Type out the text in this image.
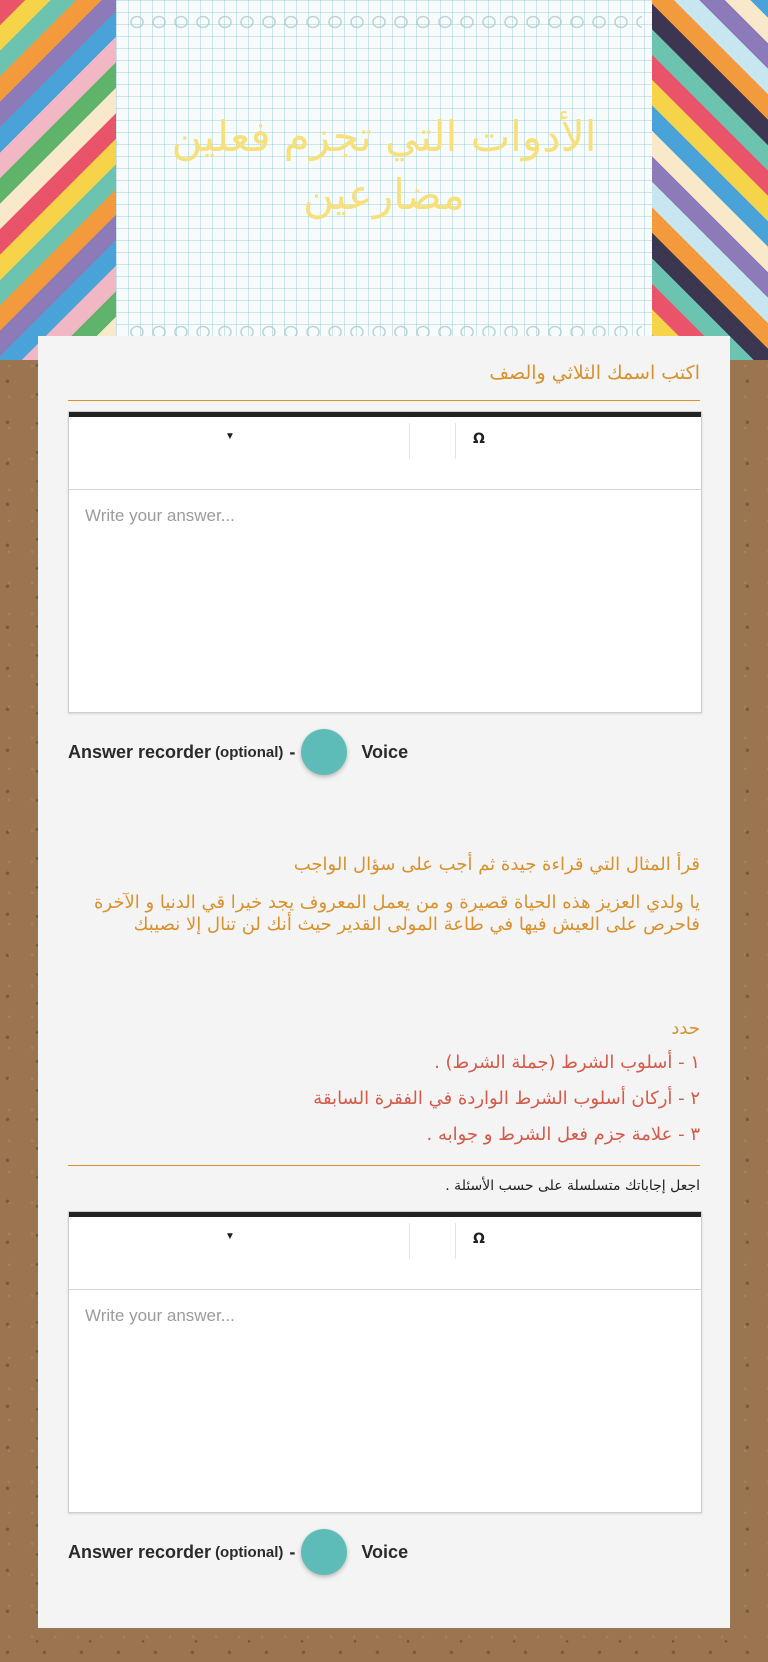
الأدوات التي تجزم فعلين مضارعين
اكتب اسمك الثلاثي والصف
▼	Ω
Write your answer...
Answer recorder (optional) -	Voice
قرأ المثال التي قراءة جيدة ثم أجب على سؤال الواجب
يا ولدي العزيز هذه الحياة قصيرة و من يعمل المعروف يجد خيرا قي الدنيا و الآخرة فاحرص على العيش فيها في طاعة المولى القدير حيث أنك لن تنال إلا نصيبك
حدد
١ - أسلوب الشرط (جملة الشرط) .
٢ - أركان أسلوب الشرط الواردة في الفقرة السابقة
٣ - علامة جزم فعل الشرط و جوابه .
اجعل إجاباتك متسلسلة على حسب الأسئلة .
▼	Ω
Write your answer...
Answer recorder (optional) -	Voice
